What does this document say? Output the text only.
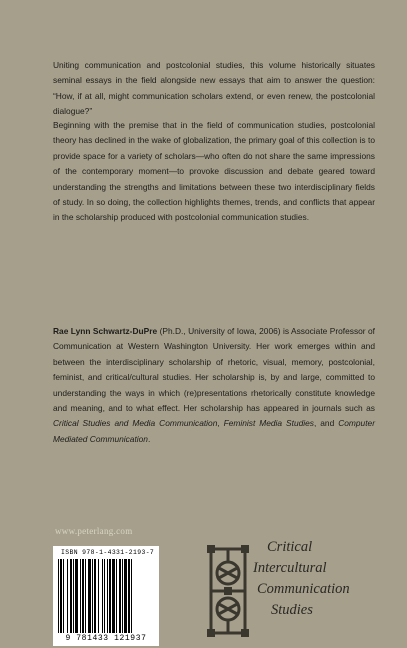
Uniting communication and postcolonial studies, this volume historically situates seminal essays in the field alongside new essays that aim to answer the question: “How, if at all, might communication scholars extend, or even renew, the postcolonial dialogue?”

Beginning with the premise that in the field of communication studies, postcolonial theory has declined in the wake of globalization, the primary goal of this collection is to provide space for a variety of scholars—who often do not share the same impressions of the contemporary moment—to provoke discussion and debate geared toward understanding the strengths and limitations between these two interdisciplinary fields of study. In so doing, the collection highlights themes, trends, and conflicts that appear in the scholarship produced with postcolonial communication studies.

Rae Lynn Schwartz-DuPre (Ph.D., University of Iowa, 2006) is Associate Professor of Communication at Western Washington University. Her work emerges within and between the interdisciplinary scholarship of rhetoric, visual, memory, postcolonial, feminist, and critical/cultural studies. Her scholarship is, by and large, committed to understanding the ways in which (re)presentations rhetorically constitute knowledge and meaning, and to what effect. Her scholarship has appeared in journals such as Critical Studies and Media Communication, Feminist Media Studies, and Computer Mediated Communication.

www.peterlang.com
ISBN 978-1-4331-2193-7
9 781433 121937
Critical
Intercultural
Communication
Studies
